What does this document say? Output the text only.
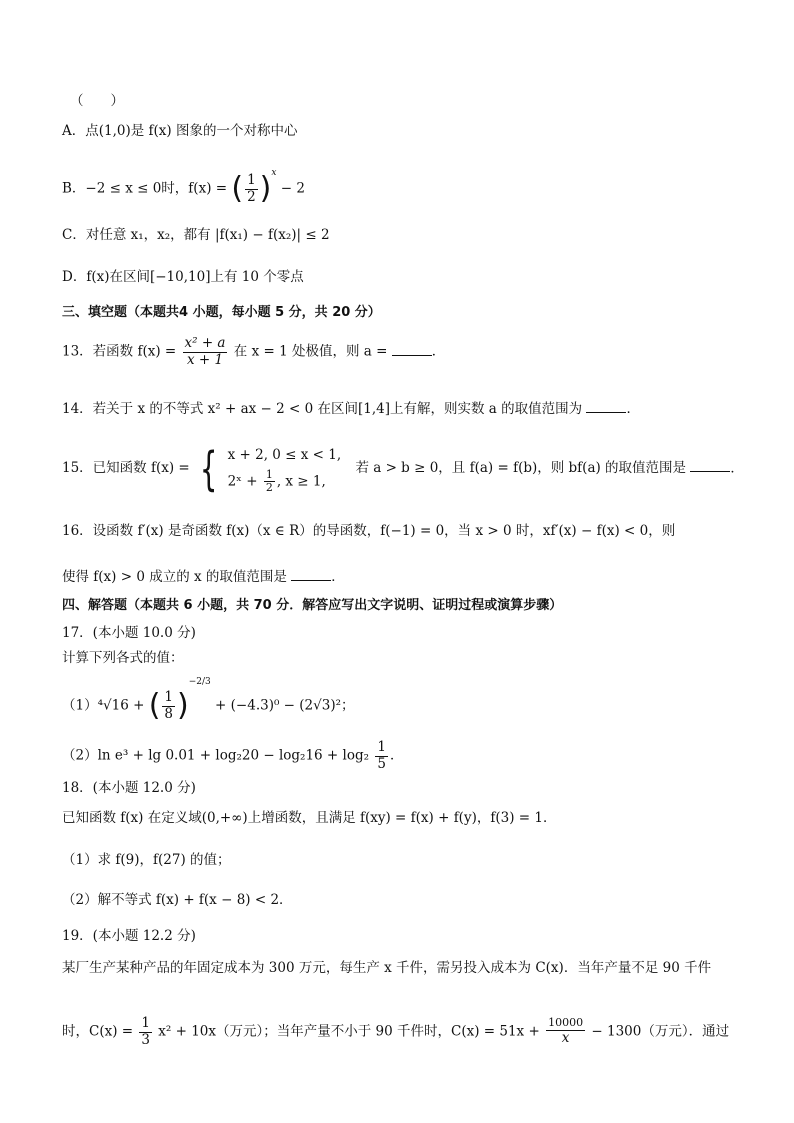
（　　）
A．点(1,0)是 f(x) 图象的一个对称中心
B．−2 ≤ x ≤ 0时，f(x) = ( $\frac{1}{2} )^x - 2$
C．对任意 x₁，x₂，都有 |f(x₁) − f(x₂)| ≤ 2
D．f(x)在区间[−10,10]上有 10 个零点
三、填空题（本题共4 小题，每小题 5 分，共 20 分）
13．若函数 $f(x) = \frac{\text{x² + a}}{x + 1}$ 在 x = 1 处极值，则 a =	．
14．若关于 x 的不等式 x² + ax − 2 < 0 在区间[1,4]上有解，则实数 a 的取值范围为	．
15．已知函数 f(x) = { x + 2, 0 ≤ x < 1,
2ˣ + $\frac{1}{2}$ , x ≥ 1,
若 a > b ≥ 0，且 f(a) = f(b)，则 bf(a) 的取值范围是	．
16．设函数 f′(x) 是奇函数 f(x)（x ∈ R）的导函数，f(−1) = 0，当 x > 0 时，xf′(x) − f(x) < 0，则
使得 f(x) > 0 成立的 x 的取值范围是	．
四、解答题（本题共 6 小题，共 70 分．解答应写出文字说明、证明过程或演算步骤）
17．(本小题 10.0 分)
计算下列各式的值：
（1）⁴√16 + ( $\frac{1}{8} )^{-2/3} + (-4.3)^0 - (2√3)^2$；
（2）ln $e^3 + \lg 0.01 + \log_220 - \log_216 + \log_2 \frac{1}{5}$ ．
18．(本小题 12.0 分)
已知函数 f(x) 在定义域(0,+∞)上增函数，且满足 f(xy) = f(x) + f(y)，f(3) = 1．
（1）求 f(9)，f(27) 的值；
（2）解不等式 f(x) + f(x − 8) < 2．
19．(本小题 12.2 分)
某厂生产某种产品的年固定成本为 300 万元，每生产 x 千件，需另投入成本为 C(x)．当年产量不足 90 千件
时，$C(x) = \frac{1}{3} x^2 + 10x$（万元）；当年产量不小于 90 千件时，$C(x) = 51x + \frac{10000}{x} - 1300$（万元）．通过
